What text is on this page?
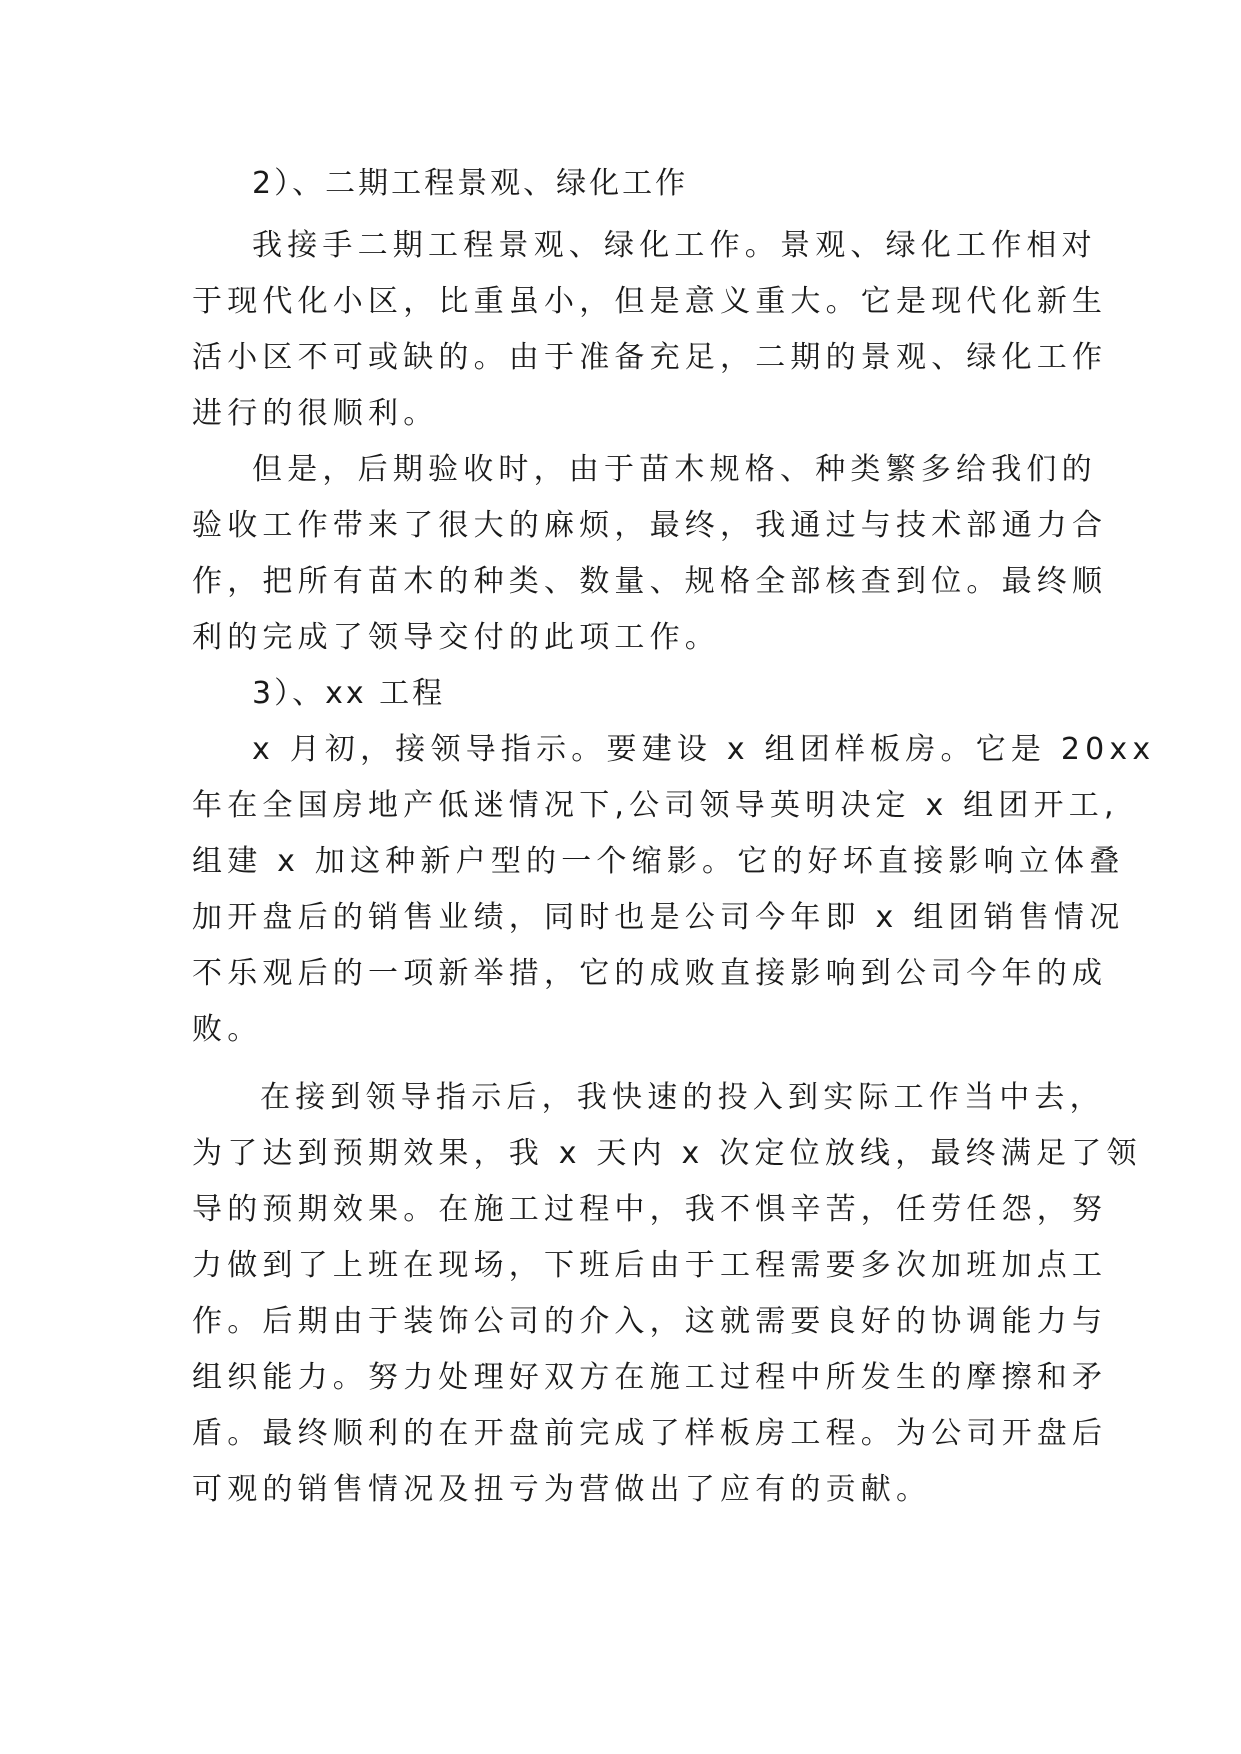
2）、二期工程景观、绿化工作
我接手二期工程景观、绿化工作。景观、绿化工作相对
于现代化小区，比重虽小，但是意义重大。它是现代化新生
活小区不可或缺的。由于准备充足，二期的景观、绿化工作
进行的很顺利。
但是，后期验收时，由于苗木规格、种类繁多给我们的
验收工作带来了很大的麻烦，最终，我通过与技术部通力合
作，把所有苗木的种类、数量、规格全部核查到位。最终顺
利的完成了领导交付的此项工作。
3）、xx 工程
x 月初，接领导指示。要建设 x 组团样板房。它是 20xx
年在全国房地产低迷情况下,公司领导英明决定 x 组团开工,
组建 x 加这种新户型的一个缩影。它的好坏直接影响立体叠
加开盘后的销售业绩，同时也是公司今年即 x 组团销售情况
不乐观后的一项新举措，它的成败直接影响到公司今年的成
败。
在接到领导指示后，我快速的投入到实际工作当中去，
为了达到预期效果，我 x 天内 x 次定位放线，最终满足了领
导的预期效果。在施工过程中，我不惧辛苦，任劳任怨，努
力做到了上班在现场，下班后由于工程需要多次加班加点工
作。后期由于装饰公司的介入，这就需要良好的协调能力与
组织能力。努力处理好双方在施工过程中所发生的摩擦和矛
盾。最终顺利的在开盘前完成了样板房工程。为公司开盘后
可观的销售情况及扭亏为营做出了应有的贡献。
